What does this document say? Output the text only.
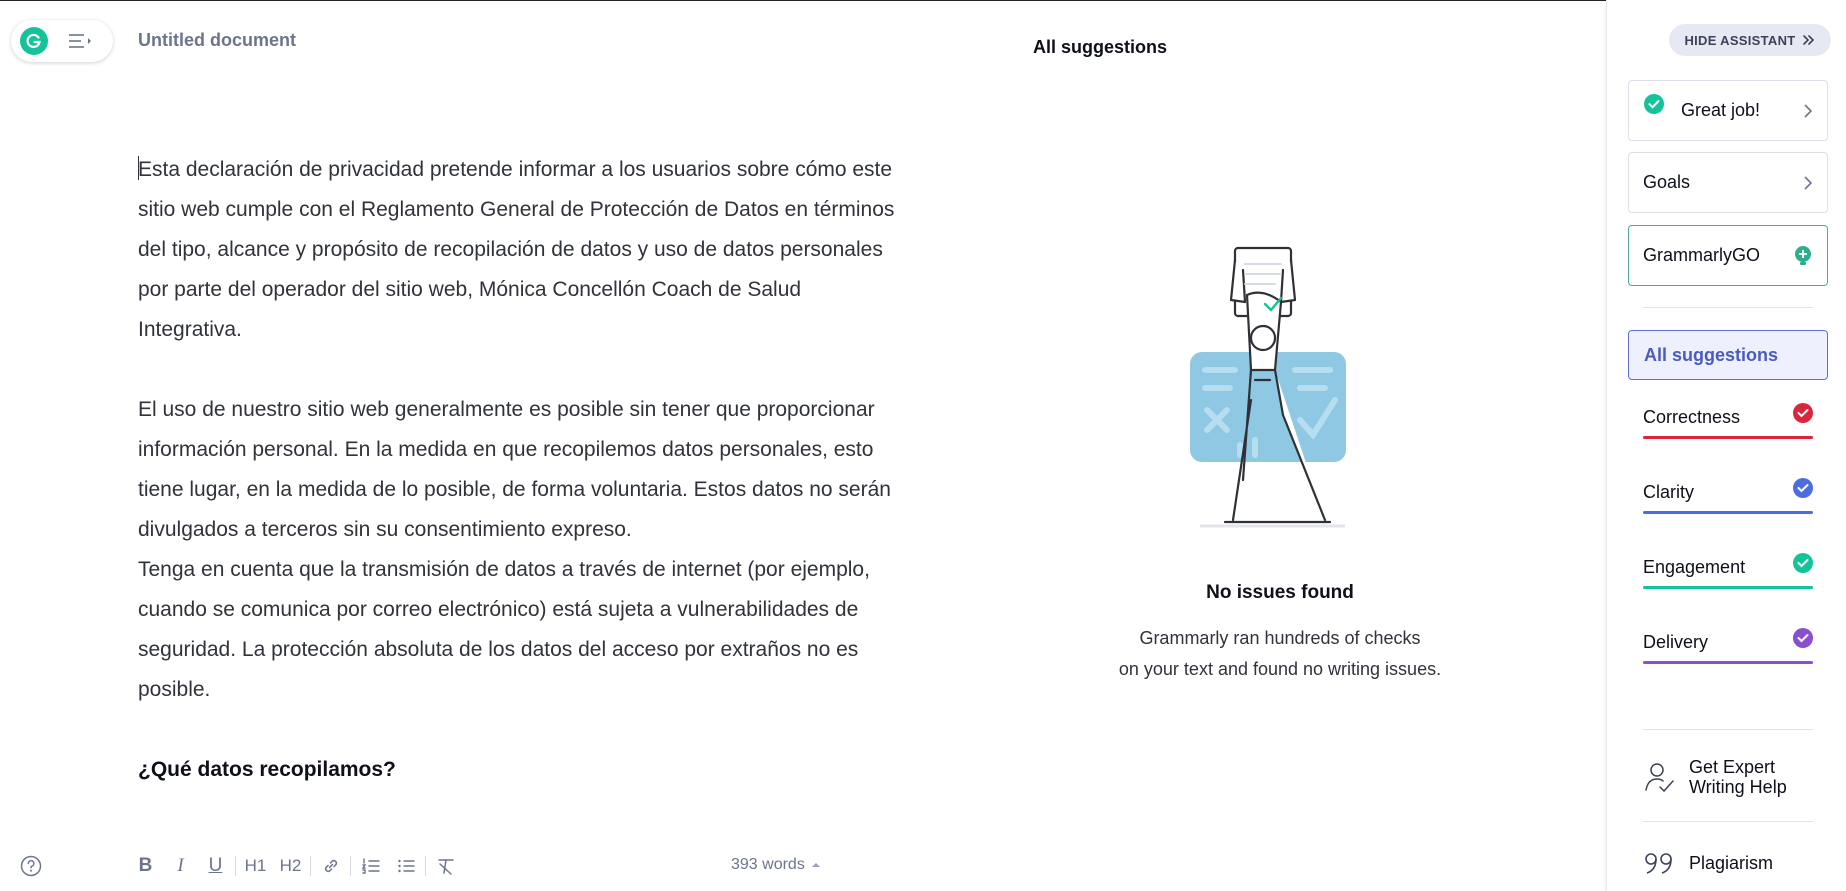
Untitled document	All suggestions

Esta declaración de privacidad pretende informar a los usuarios sobre cómo este sitio web cumple con el Reglamento General de Protección de Datos en términos del tipo, alcance y propósito de recopilación de datos y uso de datos personales por parte del operador del sitio web, Mónica Concellón Coach de Salud Integrativa.

El uso de nuestro sitio web generalmente es posible sin tener que proporcionar información personal. En la medida en que recopilemos datos personales, esto tiene lugar, en la medida de lo posible, de forma voluntaria. Estos datos no serán divulgados a terceros sin su consentimiento expreso.

Tenga en cuenta que la transmisión de datos a través de internet (por ejemplo, cuando se comunica por correo electrónico) está sujeta a vulnerabilidades de seguridad. La protección absoluta de los datos del acceso por extraños no es posible.

¿Qué datos recopilamos?
No issues found
Grammarly ran hundreds of checks
on your text and found no writing issues.
B	I	U	H1 H2	393 words
HIDE ASSISTANT
Great job!
Goals
GrammarlyGO
All suggestions
Correctness
Clarity
Engagement
Delivery
Get Expert
Writing Help
Plagiarism
